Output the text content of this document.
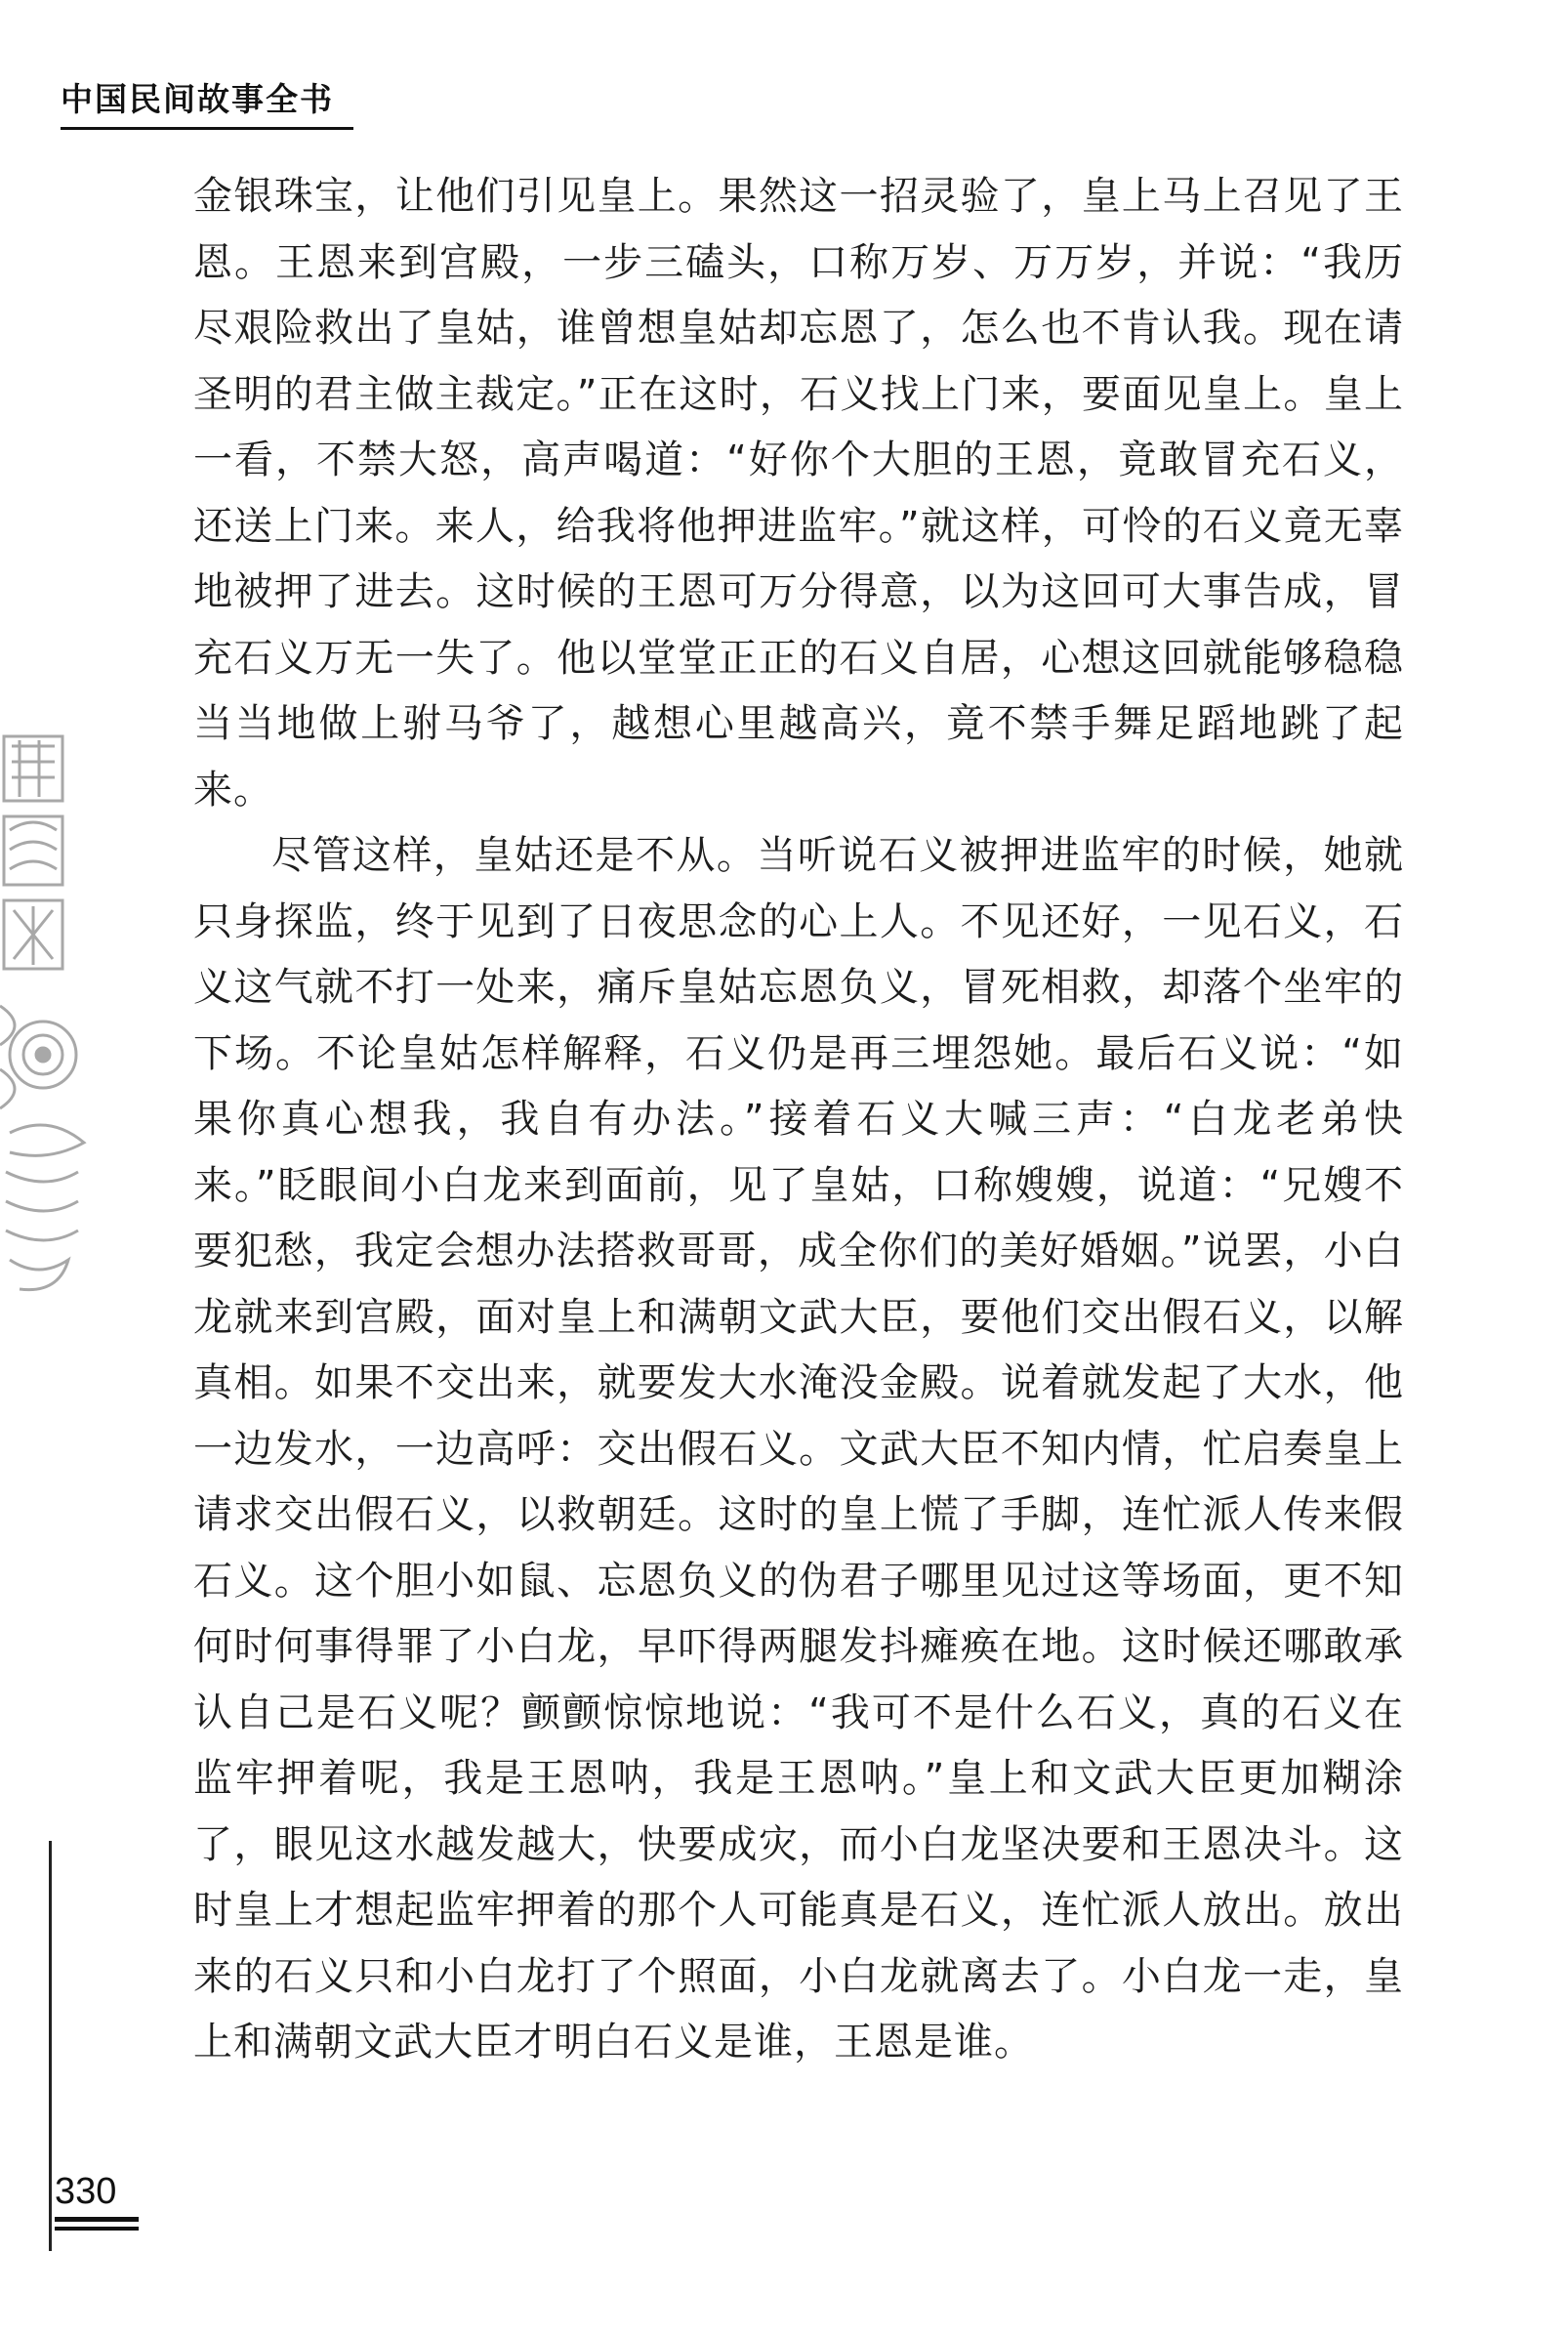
中国民间故事全书

金银珠宝，让他们引见皇上。果然这一招灵验了，皇上马上召见了王恩。王恩来到宫殿，一步三磕头，口称万岁、万万岁，并说：“我历尽艰险救出了皇姑，谁曾想皇姑却忘恩了，怎么也不肯认我。现在请圣明的君主做主裁定。”正在这时，石义找上门来，要面见皇上。皇上一看，不禁大怒，高声喝道：“好你个大胆的王恩，竟敢冒充石义，还送上门来。来人，给我将他押进监牢。”就这样，可怜的石义竟无辜地被押了进去。这时候的王恩可万分得意，以为这回可大事告成，冒充石义万无一失了。他以堂堂正正的石义自居，心想这回就能够稳稳当当地做上驸马爷了，越想心里越高兴，竟不禁手舞足蹈地跳了起来。

尽管这样，皇姑还是不从。当听说石义被押进监牢的时候，她就只身探监，终于见到了日夜思念的心上人。不见还好，一见石义，石义这气就不打一处来，痛斥皇姑忘恩负义，冒死相救，却落个坐牢的下场。不论皇姑怎样解释，石义仍是再三埋怨她。最后石义说：“如果你真心想我，我自有办法。”接着石义大喊三声：“白龙老弟快来。”眨眼间小白龙来到面前，见了皇姑，口称嫂嫂，说道：“兄嫂不要犯愁，我定会想办法搭救哥哥，成全你们的美好婚姻。”说罢，小白龙就来到宫殿，面对皇上和满朝文武大臣，要他们交出假石义，以解真相。如果不交出来，就要发大水淹没金殿。说着就发起了大水，他一边发水，一边高呼：交出假石义。文武大臣不知内情，忙启奏皇上请求交出假石义，以救朝廷。这时的皇上慌了手脚，连忙派人传来假石义。这个胆小如鼠、忘恩负义的伪君子哪里见过这等场面，更不知何时何事得罪了小白龙，早吓得两腿发抖瘫痪在地。这时候还哪敢承认自己是石义呢？颤颤惊惊地说：“我可不是什么石义，真的石义在监牢押着呢，我是王恩呐，我是王恩呐。”皇上和文武大臣更加糊涂了，眼见这水越发越大，快要成灾，而小白龙坚决要和王恩决斗。这时皇上才想起监牢押着的那个人可能真是石义，连忙派人放出。放出来的石义只和小白龙打了个照面，小白龙就离去了。小白龙一走，皇上和满朝文武大臣才明白石义是谁，王恩是谁。

330
